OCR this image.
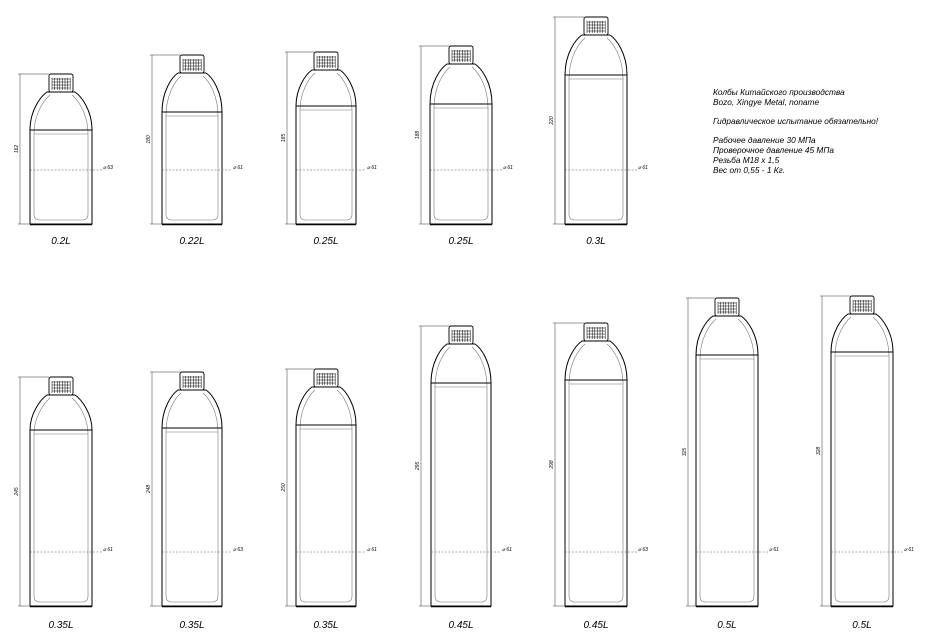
162
⌀ 63
0.2L
180
⌀ 61
0.22L
185
⌀ 61
0.25L
188
⌀ 61
0.25L
220
⌀ 61
0.3L
245
⌀ 61
0.35L
248
⌀ 63
0.35L
250
⌀ 61
0.35L
295
⌀ 61
0.45L
298
⌀ 63
0.45L
325
⌀ 61
0.5L
328
⌀ 61
0.5L
Колбы Китайского производства
Bozo, Xingye Metal, noname
Гидравлическое испытание обязательно!
Рабочее давление 30 МПа
Проверочное давление 45 МПа
Резьба М18 х 1,5
Вес от 0,55 - 1 Кг.
